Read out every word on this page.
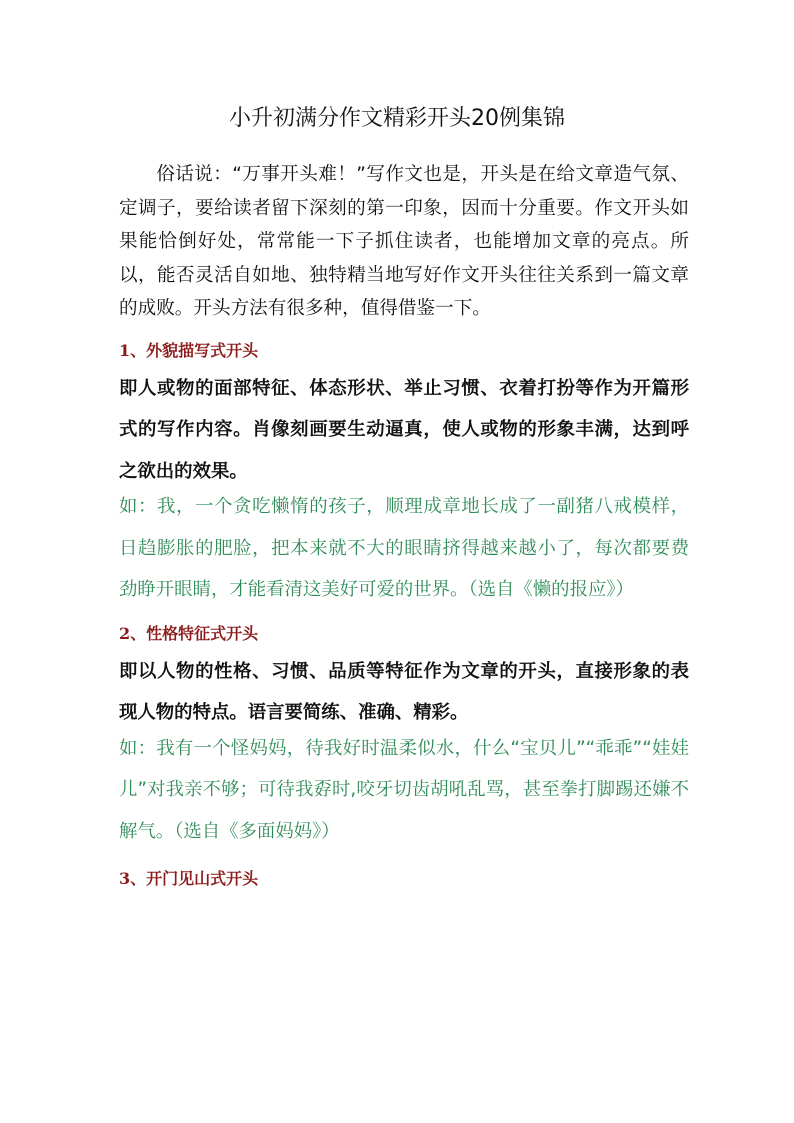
小升初满分作文精彩开头20例集锦

俗话说：“万事开头难！”写作文也是，开头是在给文章造气氛、定调子，要给读者留下深刻的第一印象，因而十分重要。作文开头如果能恰倒好处，常常能一下子抓住读者，也能增加文章的亮点。所以，能否灵活自如地、独特精当地写好作文开头往往关系到一篇文章的成败。开头方法有很多种，值得借鉴一下。

1、外貌描写式开头

即人或物的面部特征、体态形状、举止习惯、衣着打扮等作为开篇形式的写作内容。肖像刻画要生动逼真，使人或物的形象丰满，达到呼之欲出的效果。

如：我，一个贪吃懒惰的孩子，顺理成章地长成了一副猪八戒模样，日趋膨胀的肥脸，把本来就不大的眼睛挤得越来越小了，每次都要费劲睁开眼睛，才能看清这美好可爱的世界。（选自《懒的报应》）

2、性格特征式开头

即以人物的性格、习惯、品质等特征作为文章的开头，直接形象的表现人物的特点。语言要简练、准确、精彩。

如：我有一个怪妈妈，待我好时温柔似水，什么“宝贝儿”“乖乖”“娃娃儿”对我亲不够；可待我孬时,咬牙切齿胡吼乱骂，甚至拳打脚踢还嫌不解气。（选自《多面妈妈》）

3、开门见山式开头
